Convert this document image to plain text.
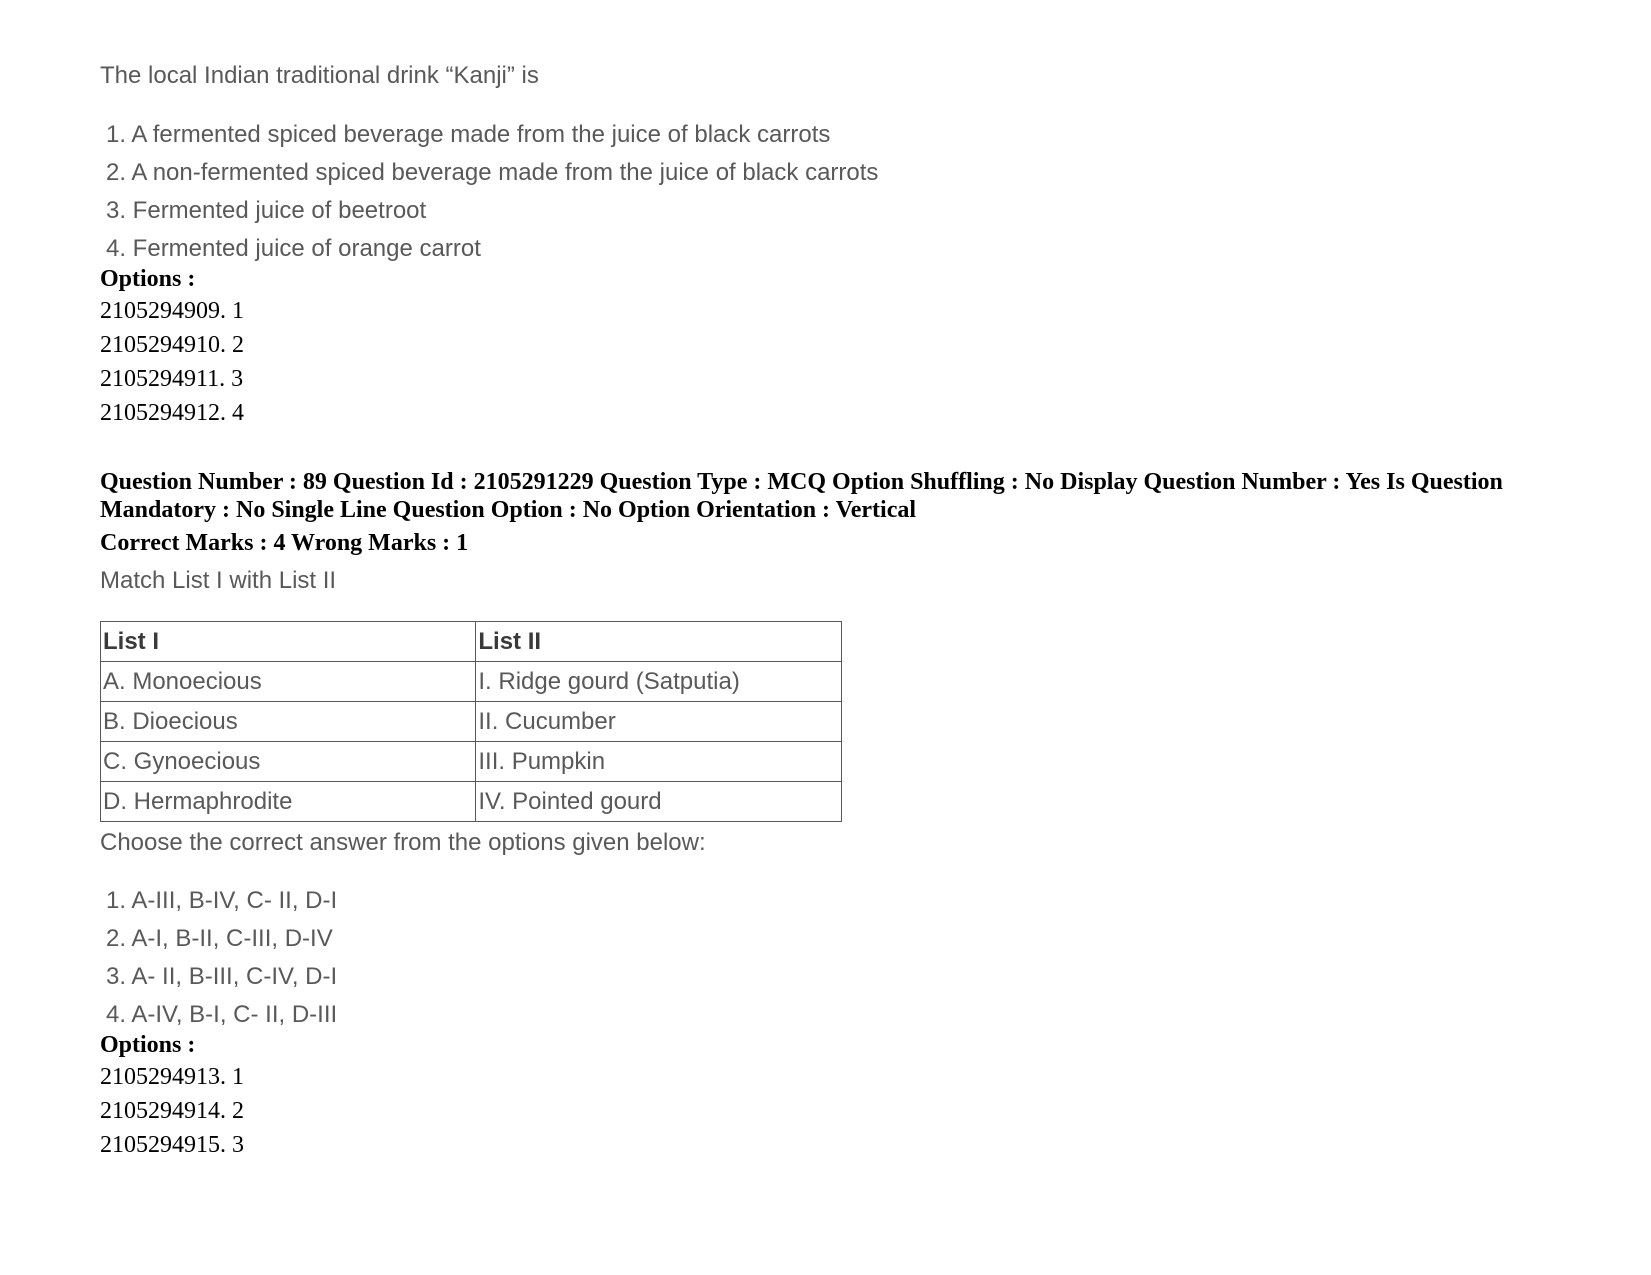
The local Indian traditional drink “Kanji” is
1. A fermented spiced beverage made from the juice of black carrots
2. A non-fermented spiced beverage made from the juice of black carrots
3. Fermented juice of beetroot
4. Fermented juice of orange carrot
Options :
2105294909. 1
2105294910. 2
2105294911. 3
2105294912. 4
Question Number : 89 Question Id : 2105291229 Question Type : MCQ Option Shuffling : No Display Question Number : Yes Is Question Mandatory : No Single Line Question Option : No Option Orientation : Vertical
Correct Marks : 4 Wrong Marks : 1
Match List I with List II
List I	List II
A. Monoecious	I. Ridge gourd (Satputia)
B. Dioecious	II. Cucumber
C. Gynoecious	III. Pumpkin
D. Hermaphrodite	IV. Pointed gourd
Choose the correct answer from the options given below:
1. A-III, B-IV, C- II, D-I
2. A-I, B-II, C-III, D-IV
3. A- II, B-III, C-IV, D-I
4. A-IV, B-I, C- II, D-III
Options :
2105294913. 1
2105294914. 2
2105294915. 3
